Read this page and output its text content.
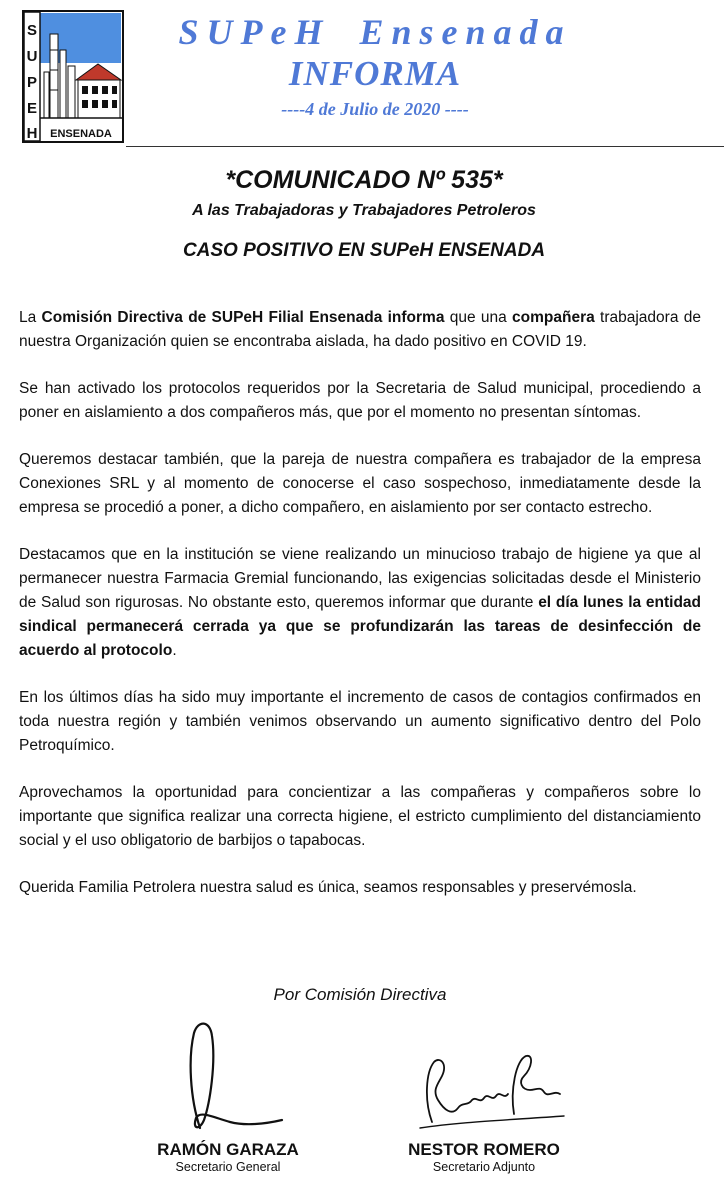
S
U
P
E
H ENSENADA
SUPeH Ensenada
INFORMA
----4 de Julio de 2020 ----
*COMUNICADO Nº 535*
A las Trabajadoras y Trabajadores Petroleros
CASO POSITIVO EN SUPeH ENSENADA

La Comisión Directiva de SUPeH Filial Ensenada informa que una compañera trabajadora de nuestra Organización quien se encontraba aislada, ha dado positivo en COVID 19.

Se han activado los protocolos requeridos por la Secretaria de Salud municipal, procediendo a poner en aislamiento a dos compañeros más, que por el momento no presentan síntomas.

Queremos destacar también, que la pareja de nuestra compañera es trabajador de la empresa Conexiones SRL y al momento de conocerse el caso sospechoso, inmediatamente desde la empresa se procedió a poner, a dicho compañero, en aislamiento por ser contacto estrecho.

Destacamos que en la institución se viene realizando un minucioso trabajo de higiene ya que al permanecer nuestra Farmacia Gremial funcionando, las exigencias solicitadas desde el Ministerio de Salud son rigurosas. No obstante esto, queremos informar que durante el día lunes la entidad sindical permanecerá cerrada ya que se profundizarán las tareas de desinfección de acuerdo al protocolo.

En los últimos días ha sido muy importante el incremento de casos de contagios confirmados en toda nuestra región y también venimos observando un aumento significativo dentro del Polo Petroquímico.

Aprovechamos la oportunidad para concientizar a las compañeras y compañeros sobre lo importante que significa realizar una correcta higiene, el estricto cumplimiento del distanciamiento social y el uso obligatorio de barbijos o tapabocas.

Querida Familia Petrolera nuestra salud es única, seamos responsables y preservémosla.

Por Comisión Directiva
RAMÓN GARAZA
Secretario General
NESTOR ROMERO
Secretario Adjunto
